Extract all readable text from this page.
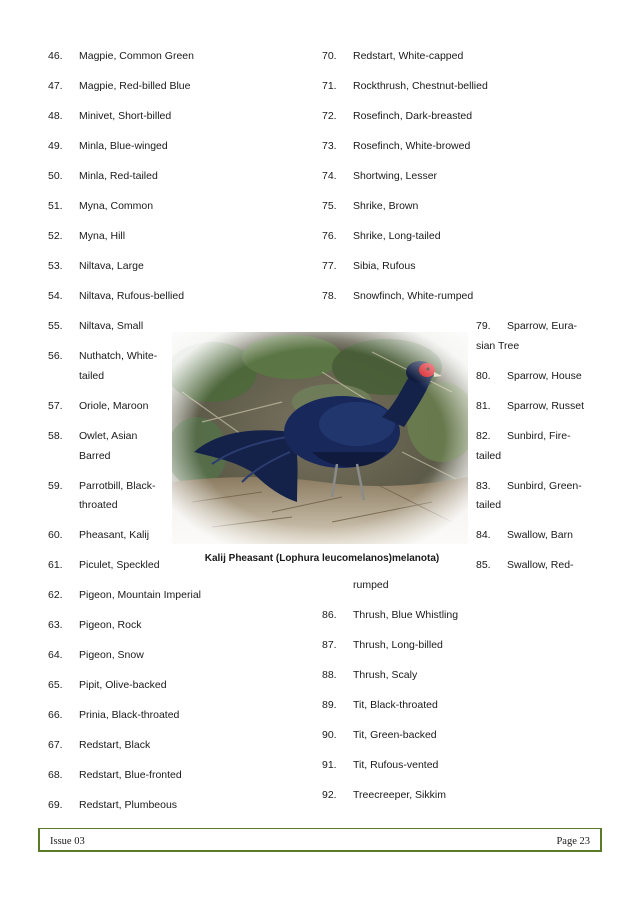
46. Magpie, Common Green
47. Magpie, Red-billed Blue
48. Minivet, Short-billed
49. Minla, Blue-winged
50. Minla, Red-tailed
51. Myna, Common
52. Myna, Hill
53. Niltava, Large
54. Niltava, Rufous-bellied
55. Niltava, Small
56. Nuthatch, White-
tailed
57. Oriole, Maroon
58. Owlet, Asian
Barred
59. Parrotbill, Black-
throated
60. Pheasant, Kalij
61. Piculet, Speckled
62. Pigeon, Mountain Imperial
63. Pigeon, Rock
64. Pigeon, Snow
65. Pipit, Olive-backed
66. Prinia, Black-throated
67. Redstart, Black
68. Redstart, Blue-fronted
69. Redstart, Plumbeous
70. Redstart, White-capped
71. Rockthrush, Chestnut-bellied
72. Rosefinch, Dark-breasted
73. Rosefinch, White-browed
74. Shortwing, Lesser
75. Shrike, Brown
76. Shrike, Long-tailed
77. Sibia, Rufous
78. Snowfinch, White-rumped
79. Sparrow, Eura-
sian Tree
80. Sparrow, House
81. Sparrow, Russet
82. Sunbird, Fire-
tailed
83. Sunbird, Green-
tailed
84. Swallow, Barn
85. Swallow, Red-
rumped
86. Thrush, Blue Whistling
87. Thrush, Long-billed
88. Thrush, Scaly
89. Tit, Black-throated
90. Tit, Green-backed
91. Tit, Rufous-vented
92. Treecreeper, Sikkim
Kalij Pheasant (Lophura leucomelanos)melanota)
Issue 03	Page 23
